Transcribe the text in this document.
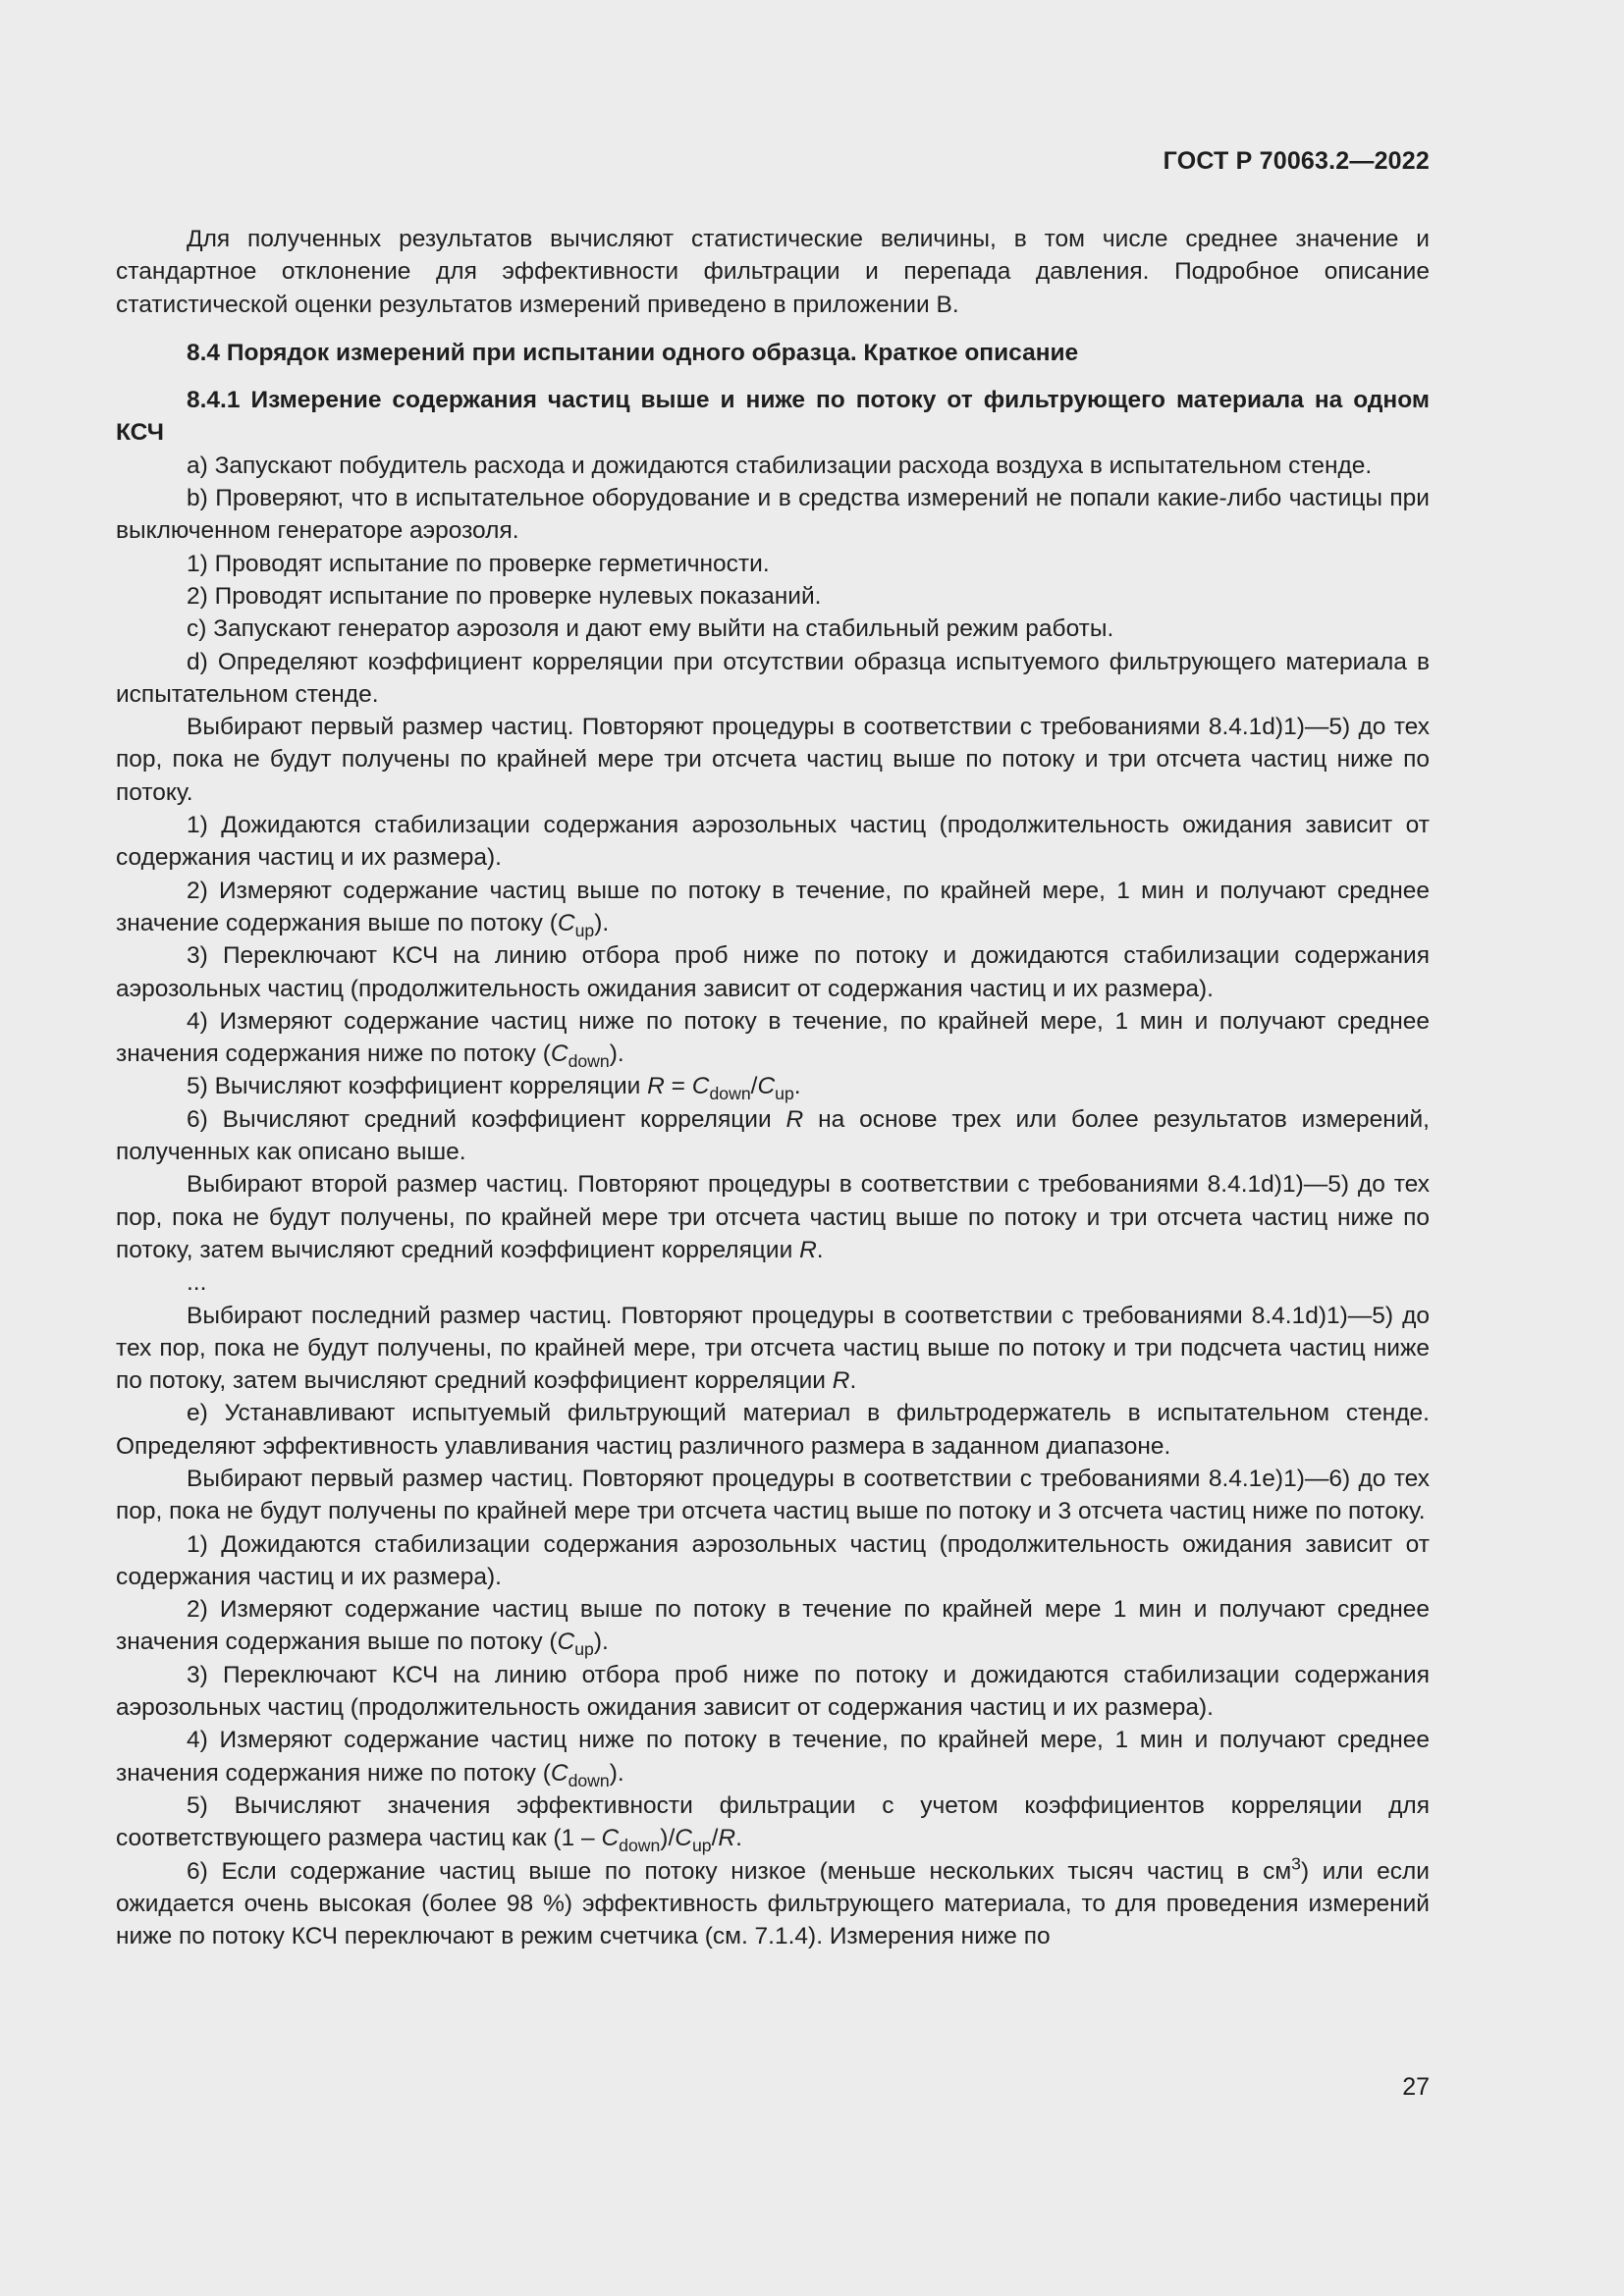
ГОСТ Р 70063.2—2022

Для полученных результатов вычисляют статистические величины, в том числе среднее значение и стандартное отклонение для эффективности фильтрации и перепада давления. Подробное описание статистической оценки результатов измерений приведено в приложении В.

8.4 Порядок измерений при испытании одного образца. Краткое описание

8.4.1 Измерение содержания частиц выше и ниже по потоку от фильтрующего материала на одном КСЧ

a) Запускают побудитель расхода и дожидаются стабилизации расхода воздуха в испытательном стенде.

b) Проверяют, что в испытательное оборудование и в средства измерений не попали какие-либо частицы при выключенном генераторе аэрозоля.

1) Проводят испытание по проверке герметичности.

2) Проводят испытание по проверке нулевых показаний.

c) Запускают генератор аэрозоля и дают ему выйти на стабильный режим работы.

d) Определяют коэффициент корреляции при отсутствии образца испытуемого фильтрующего материала в испытательном стенде.

Выбирают первый размер частиц. Повторяют процедуры в соответствии с требованиями 8.4.1d)1)—5) до тех пор, пока не будут получены по крайней мере три отсчета частиц выше по потоку и три отсчета частиц ниже по потоку.

1) Дожидаются стабилизации содержания аэрозольных частиц (продолжительность ожидания зависит от содержания частиц и их размера).

2) Измеряют содержание частиц выше по потоку в течение, по крайней мере, 1 мин и получают среднее значение содержания выше по потоку $(C_{up})$.

3) Переключают КСЧ на линию отбора проб ниже по потоку и дожидаются стабилизации содержания аэрозольных частиц (продолжительность ожидания зависит от содержания частиц и их размера).

4) Измеряют содержание частиц ниже по потоку в течение, по крайней мере, 1 мин и получают среднее значения содержания ниже по потоку $(C_{down})$.

5) Вычисляют коэффициент корреляции $R = C_{down}/C_{up}$.

6) Вычисляют средний коэффициент корреляции R на основе трех или более результатов измерений, полученных как описано выше.

Выбирают второй размер частиц. Повторяют процедуры в соответствии с требованиями 8.4.1d)1)—5) до тех пор, пока не будут получены, по крайней мере три отсчета частиц выше по потоку и три отсчета частиц ниже по потоку, затем вычисляют средний коэффициент корреляции R.

...

Выбирают последний размер частиц. Повторяют процедуры в соответствии с требованиями 8.4.1d)1)—5) до тех пор, пока не будут получены, по крайней мере, три отсчета частиц выше по потоку и три подсчета частиц ниже по потоку, затем вычисляют средний коэффициент корреляции R.

e) Устанавливают испытуемый фильтрующий материал в фильтродержатель в испытательном стенде. Определяют эффективность улавливания частиц различного размера в заданном диапазоне.

Выбирают первый размер частиц. Повторяют процедуры в соответствии с требованиями 8.4.1e)1)—6) до тех пор, пока не будут получены по крайней мере три отсчета частиц выше по потоку и 3 отсчета частиц ниже по потоку.

1) Дожидаются стабилизации содержания аэрозольных частиц (продолжительность ожидания зависит от содержания частиц и их размера).

2) Измеряют содержание частиц выше по потоку в течение по крайней мере 1 мин и получают среднее значения содержания выше по потоку $(C_{up})$.

3) Переключают КСЧ на линию отбора проб ниже по потоку и дожидаются стабилизации содержания аэрозольных частиц (продолжительность ожидания зависит от содержания частиц и их размера).

4) Измеряют содержание частиц ниже по потоку в течение, по крайней мере, 1 мин и получают среднее значения содержания ниже по потоку $(C_{down})$.

5) Вычисляют значения эффективности фильтрации с учетом коэффициентов корреляции для соответствующего размера частиц как $(1 - C_{down})/C_{up}/R$.

6) Если содержание частиц выше по потоку низкое (меньше нескольких тысяч частиц в $см^3$) или если ожидается очень высокая (более 98 %) эффективность фильтрующего материала, то для проведения измерений ниже по потоку КСЧ переключают в режим счетчика (см. 7.1.4). Измерения ниже по

27
